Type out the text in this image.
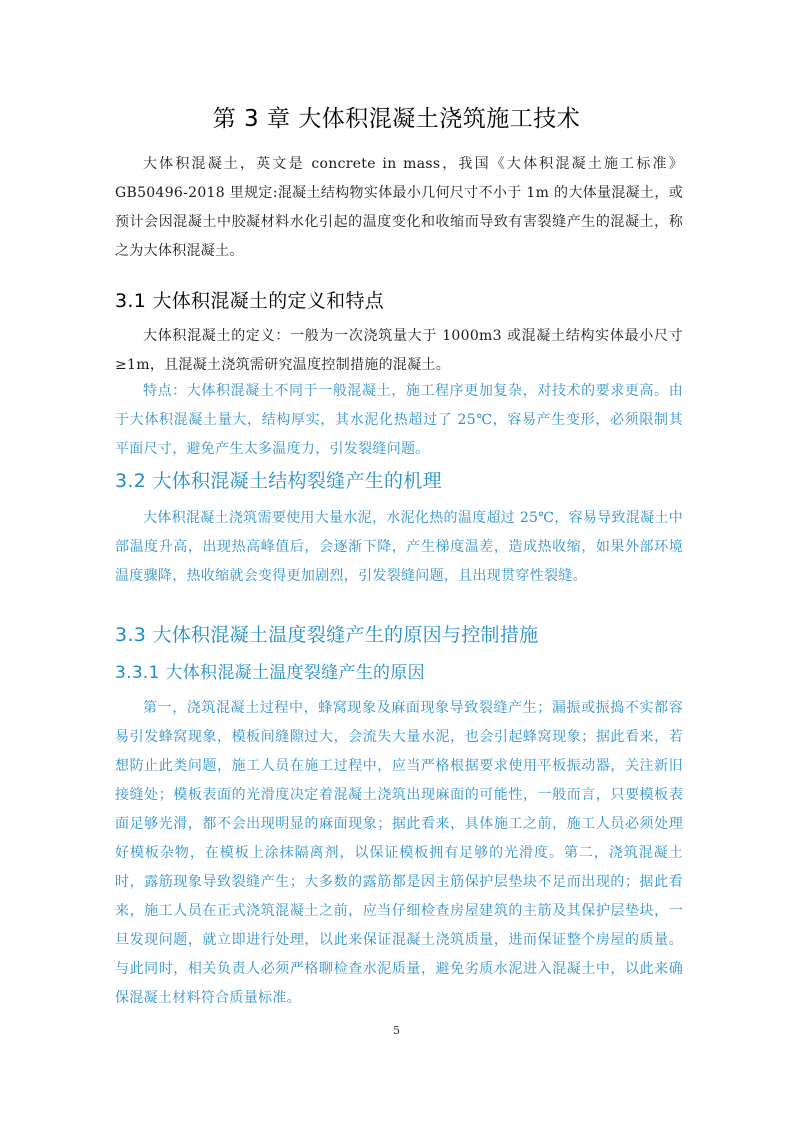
第 3 章 大体积混凝土浇筑施工技术

大体积混凝土，英文是 concrete in mass，我国《大体积混凝土施工标准》GB50496-2018 里规定:混凝土结构物实体最小几何尺寸不小于 1m 的大体量混凝土，或预计会因混凝土中胶凝材料水化引起的温度变化和收缩而导致有害裂缝产生的混凝土，称之为大体积混凝土。

3.1 大体积混凝土的定义和特点

大体积混凝土的定义：一般为一次浇筑量大于 1000m3 或混凝土结构实体最小尺寸≥1m，且混凝土浇筑需研究温度控制措施的混凝土。

特点：大体积混凝土不同于一般混凝土，施工程序更加复杂，对技术的要求更高。由于大体积混凝土量大，结构厚实，其水泥化热超过了 25℃，容易产生变形，必须限制其平面尺寸，避免产生太多温度力，引发裂缝问题。

3.2 大体积混凝土结构裂缝产生的机理

大体积混凝土浇筑需要使用大量水泥，水泥化热的温度超过 25℃，容易导致混凝土中部温度升高，出现热高峰值后，会逐渐下降，产生梯度温差，造成热收缩，如果外部环境温度骤降，热收缩就会变得更加剧烈，引发裂缝问题，且出现贯穿性裂缝。

3.3 大体积混凝土温度裂缝产生的原因与控制措施
3.3.1 大体积混凝土温度裂缝产生的原因

第一，浇筑混凝土过程中，蜂窝现象及麻面现象导致裂缝产生；漏振或振捣不实都容易引发蜂窝现象，模板间缝隙过大，会流失大量水泥，也会引起蜂窝现象；据此看来，若想防止此类问题，施工人员在施工过程中，应当严格根据要求使用平板振动器，关注新旧接缝处；模板表面的光滑度决定着混凝土浇筑出现麻面的可能性，一般而言，只要模板表面足够光滑，都不会出现明显的麻面现象；据此看来，具体施工之前，施工人员必须处理好模板杂物，在模板上涂抹隔离剂，以保证模板拥有足够的光滑度。第二，浇筑混凝土时，露筋现象导致裂缝产生；大多数的露筋都是因主筋保护层垫块不足而出现的；据此看来，施工人员在正式浇筑混凝土之前，应当仔细检查房屋建筑的主筋及其保护层垫块，一旦发现问题，就立即进行处理，以此来保证混凝土浇筑质量，进而保证整个房屋的质量。与此同时，相关负责人必须严格聊检查水泥质量，避免劣质水泥进入混凝土中，以此来确保混凝土材料符合质量标准。

5
